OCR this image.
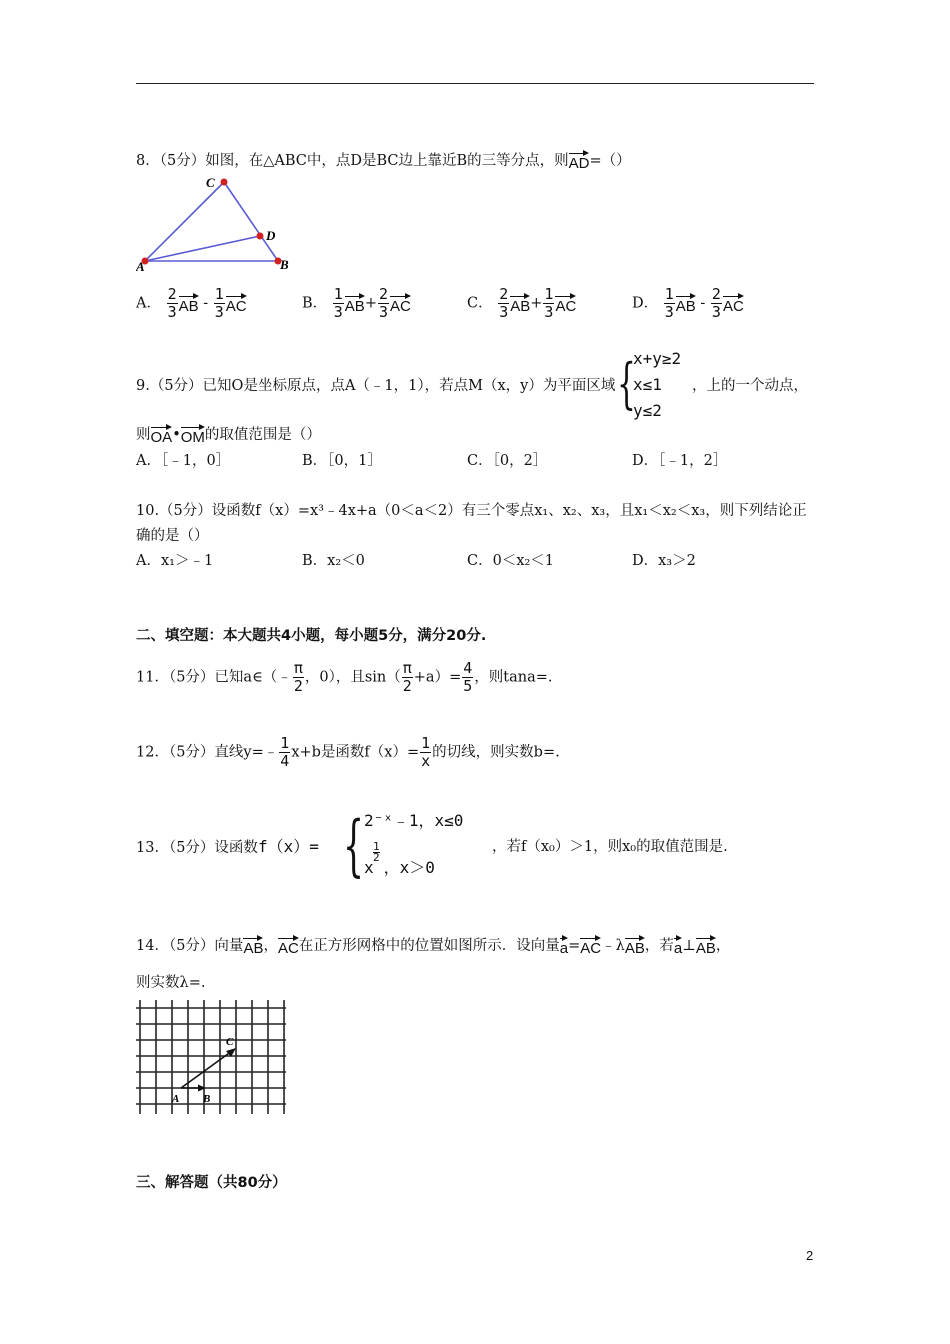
8．（5分）如图，在△ABC中，点D是BC边上靠近B的三等分点，则AD=（）
A
C
B
D
A． $\frac{2}{3}$ AB - $\frac{1}{3}$ AC	B． $\frac{1}{3} AB+ \frac{2}{3}$ AC	C． $\frac{2}{3} AB+ \frac{1}{3}$ AC	D． $\frac{1}{3}$ AB - $\frac{2}{3}$ AC
9.（5分）已知O是坐标原点，点A（﹣1，1），若点M（x，y）为平面区域 {
x+y≥2
x≤1
y≤2
，上的一个动点，
则OA•OM的取值范围是（）
A．［﹣1，0］	B．［0，1］	C．［0，2］	D．［﹣1，2］
10.（5分）设函数f（x）=x³﹣4x+a（0＜a＜2）有三个零点x₁、x₂、x₃，且x₁＜x₂＜x₃，则下列结论正
确的是（）
A．x₁＞﹣1	B．x₂＜0	C．0＜x₂＜1	D．x₃＞2
二、填空题：本大题共4小题，每小题5分，满分20分.
11．（5分）已知a∈（﹣ $\frac{\pi}{2}$ ，0），且$\sin( \frac{\pi}{2} +a)= \frac{4}{5}$ ，则tana=.
12．（5分）直线y=﹣ $\frac{1}{4} x+b$是函数$f(x)= \frac{1}{x}$ 的切线，则实数b=.
13．（5分）设函数f（x）= { 2⁻ˣ﹣1，x≤0
x
1
2
，x＞0
，若f（x₀）＞1，则x₀的取值范围是.
14．（5分）向量AB，AC在正方形网格中的位置如图所示．设向量a=AC﹣λAB，若a⊥AB，
则实数λ=.
A B
C
三、解答题（共80分）
2
